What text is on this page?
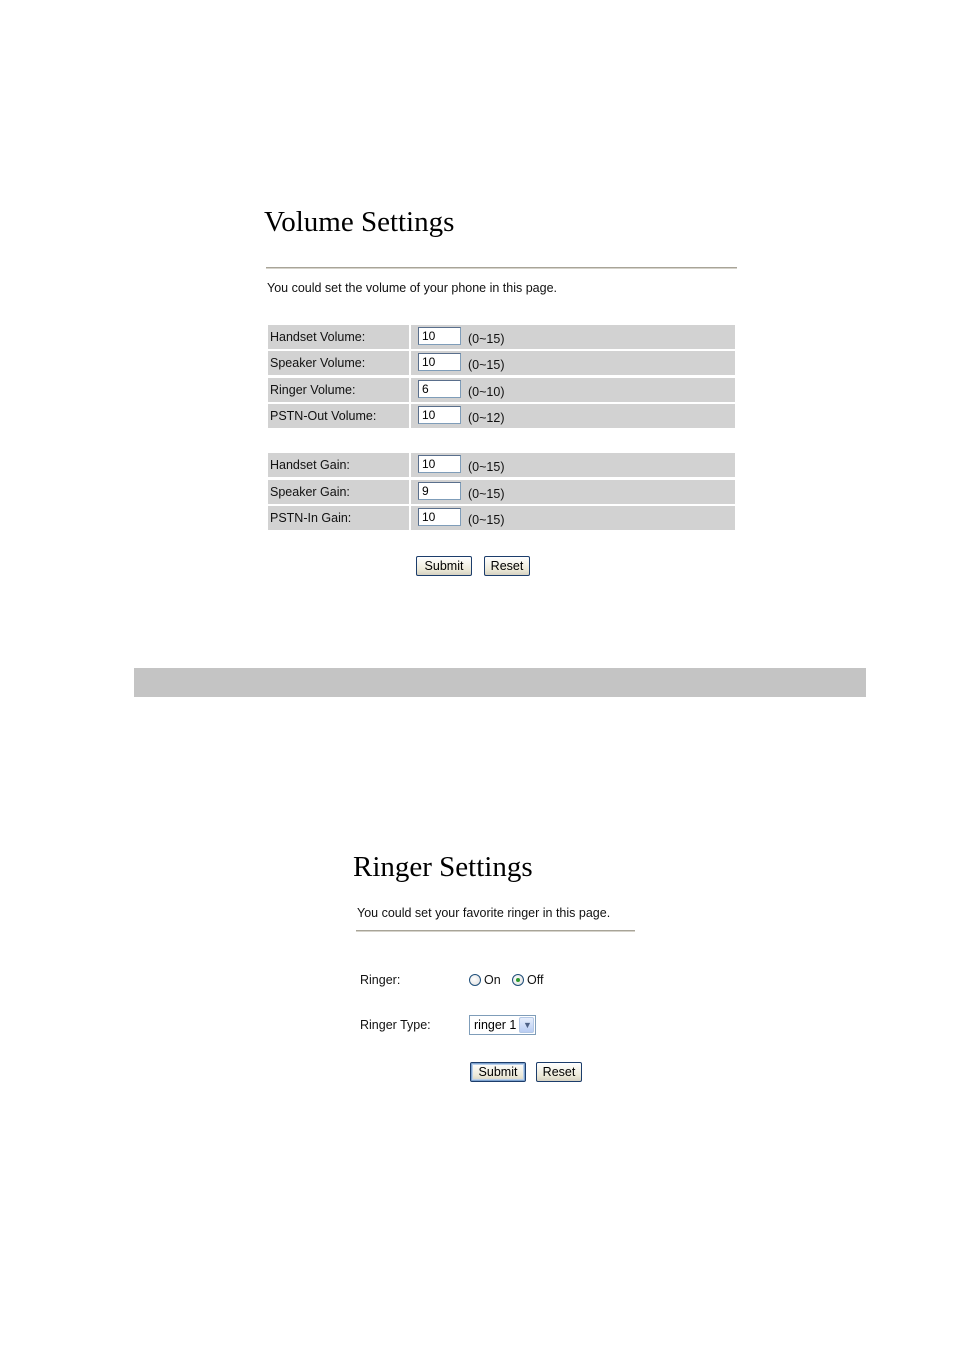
Volume Settings
You could set the volume of your phone in this page.
Handset Volume:
10	(0~15)
Speaker Volume:
10	(0~15)
Ringer Volume:
6	(0~10)
PSTN-Out Volume:
10	(0~12)
Handset Gain:
10	(0~15)
Speaker Gain:
9	(0~15)
PSTN-In Gain:
10	(0~15)
Submit	Reset
Ringer Settings
You could set your favorite ringer in this page.
Ringer:	On Off
Ringer Type:	ringer 1 ▼
Submit	Reset
